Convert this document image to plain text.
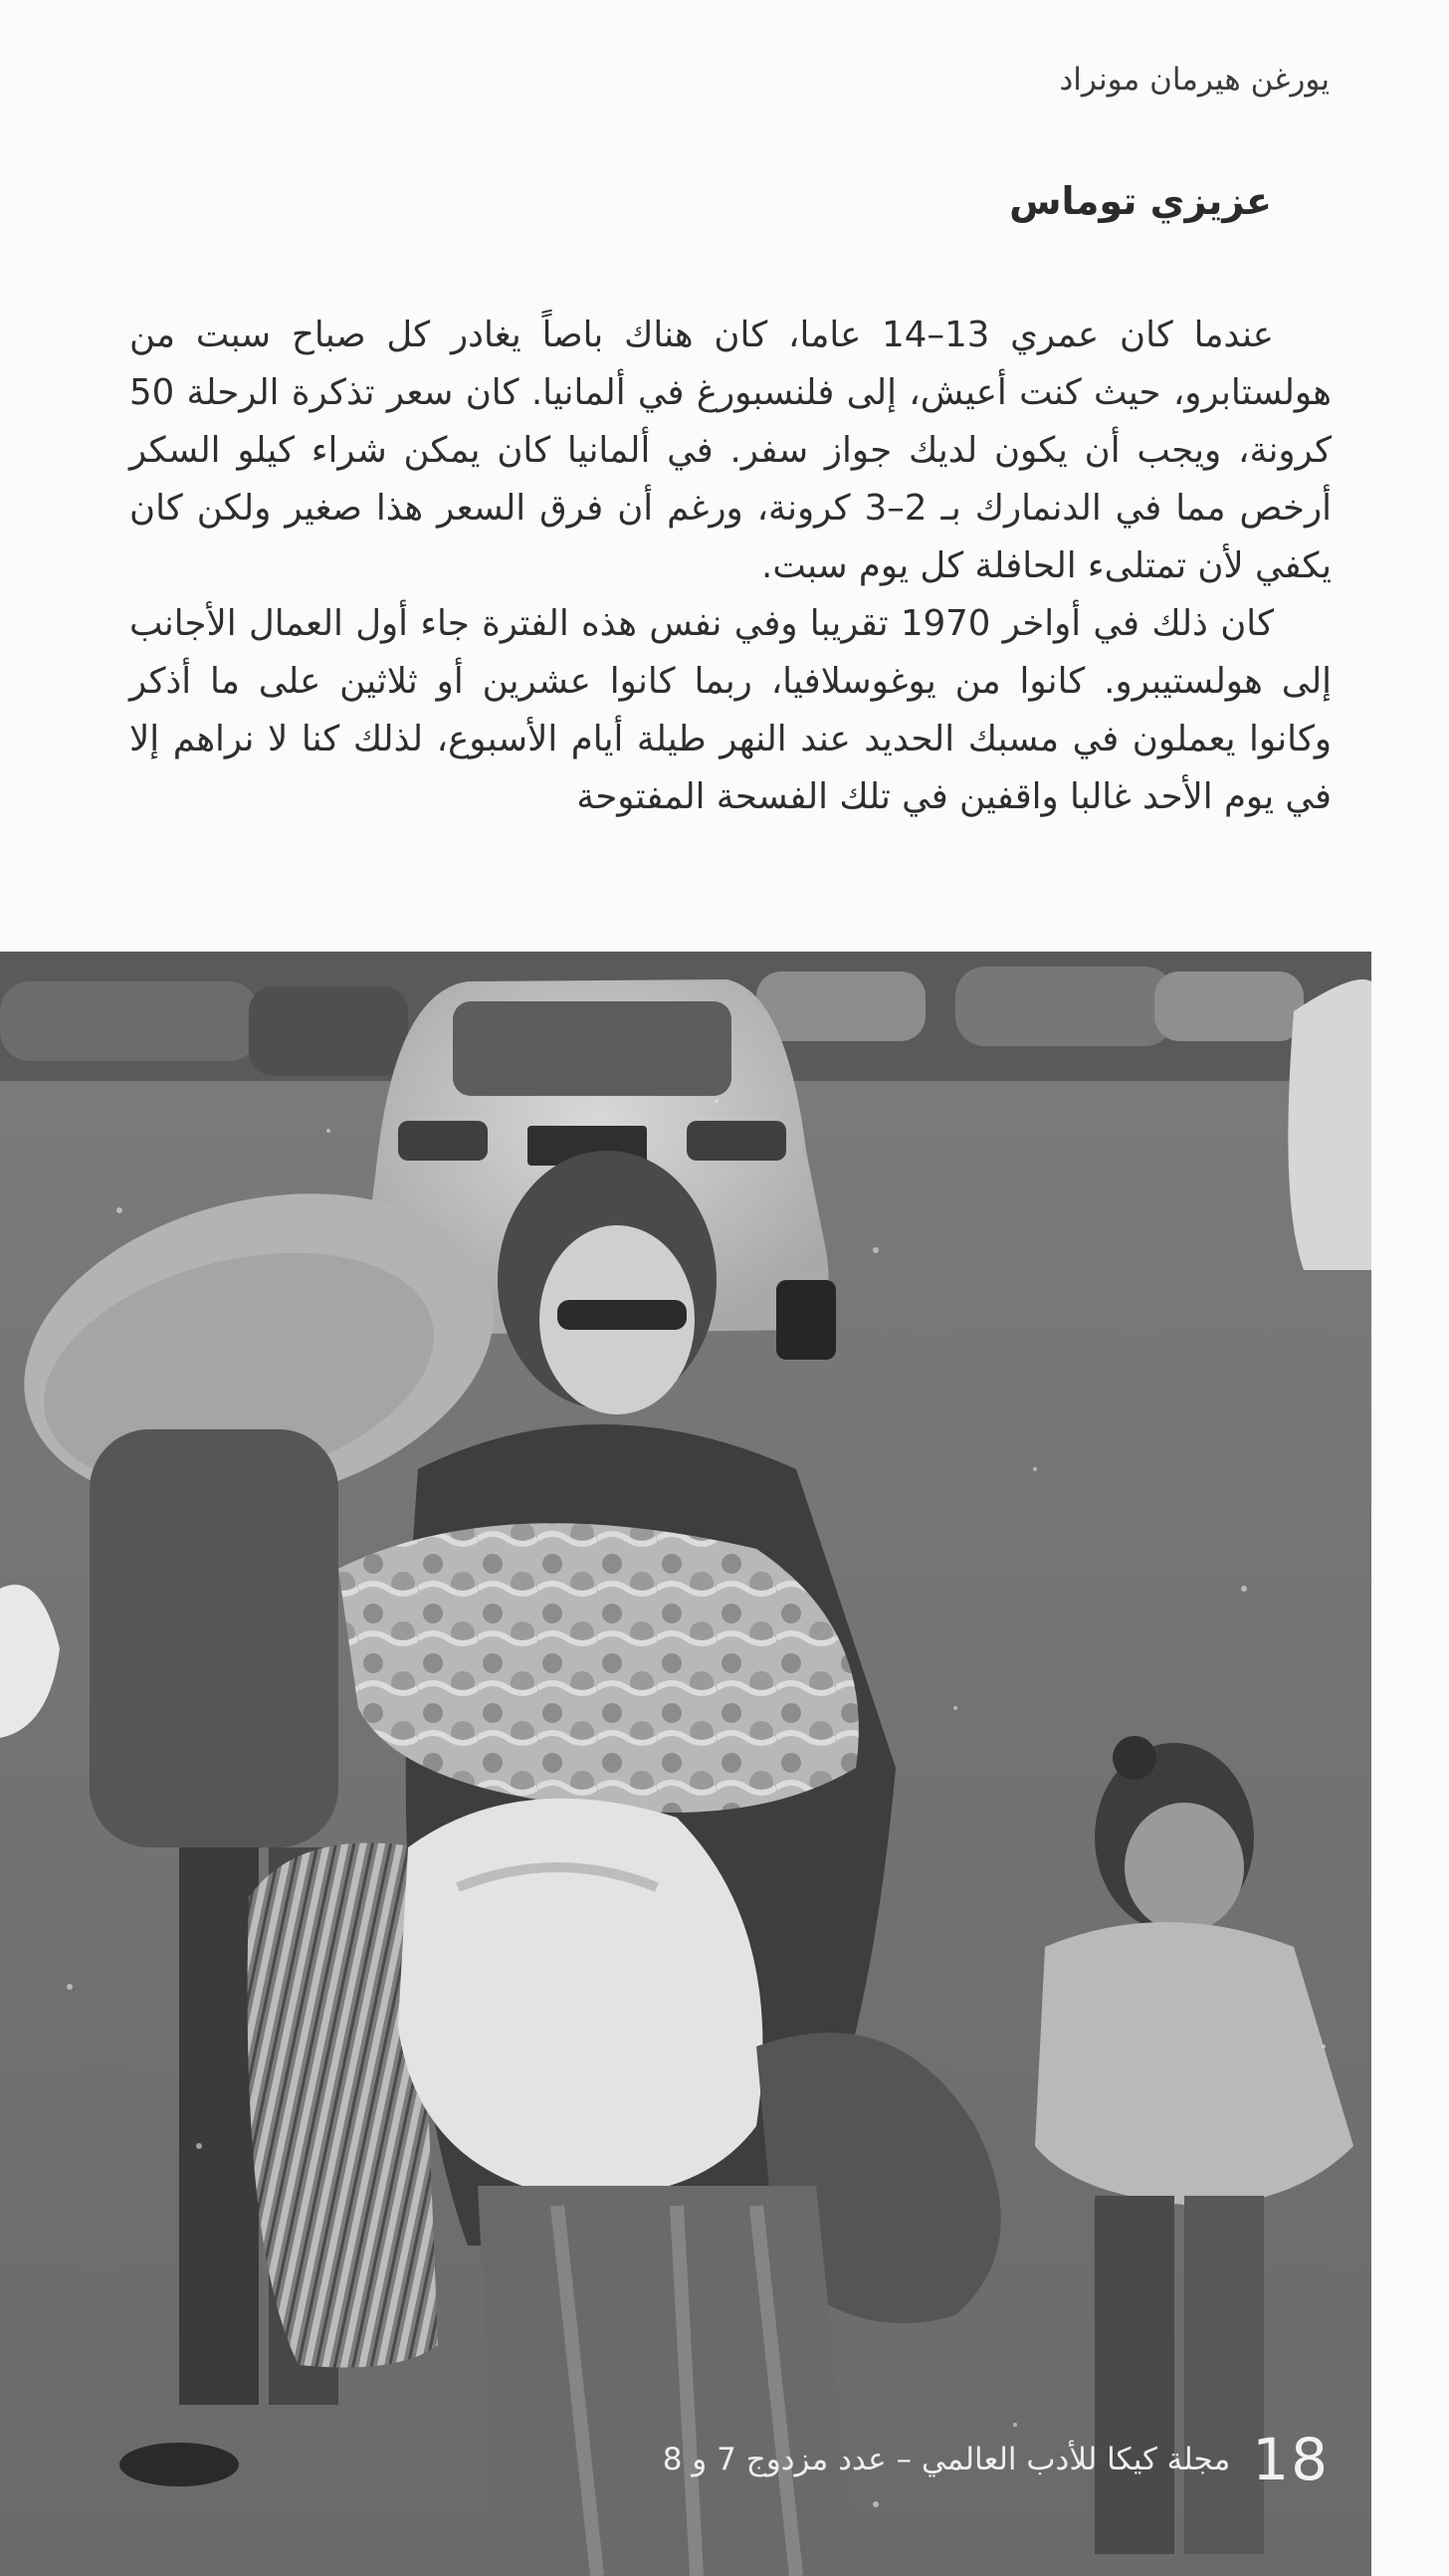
يورغن هيرمان مونراد
عزيزي توماس

عندما كان عمري 13–14 عاما، كان هناك باصاً يغادر كل صباح سبت من هولستابرو، حيث كنت أعيش، إلى فلنسبورغ في ألمانيا. كان سعر تذكرة الرحلة 50 كرونة، ويجب أن يكون لديك جواز سفر. في ألمانيا كان يمكن شراء كيلو السكر أرخص مما في الدنمارك بـ 2–3 كرونة، ورغم أن فرق السعر هذا صغير ولكن كان يكفي لأن تمتلىء الحافلة كل يوم سبت.

كان ذلك في أواخر 1970 تقريبا وفي نفس هذه الفترة جاء أول العمال الأجانب إلى هولستيبرو. كانوا من يوغوسلافيا، ربما كانوا عشرين أو ثلاثين على ما أذكر وكانوا يعملون في مسبك الحديد عند النهر طيلة أيام الأسبوع، لذلك كنا لا نراهم إلا في يوم الأحد غالبا واقفين في تلك الفسحة المفتوحة

18
مجلة كيكا للأدب العالمي – عدد مزدوج 7 و 8
